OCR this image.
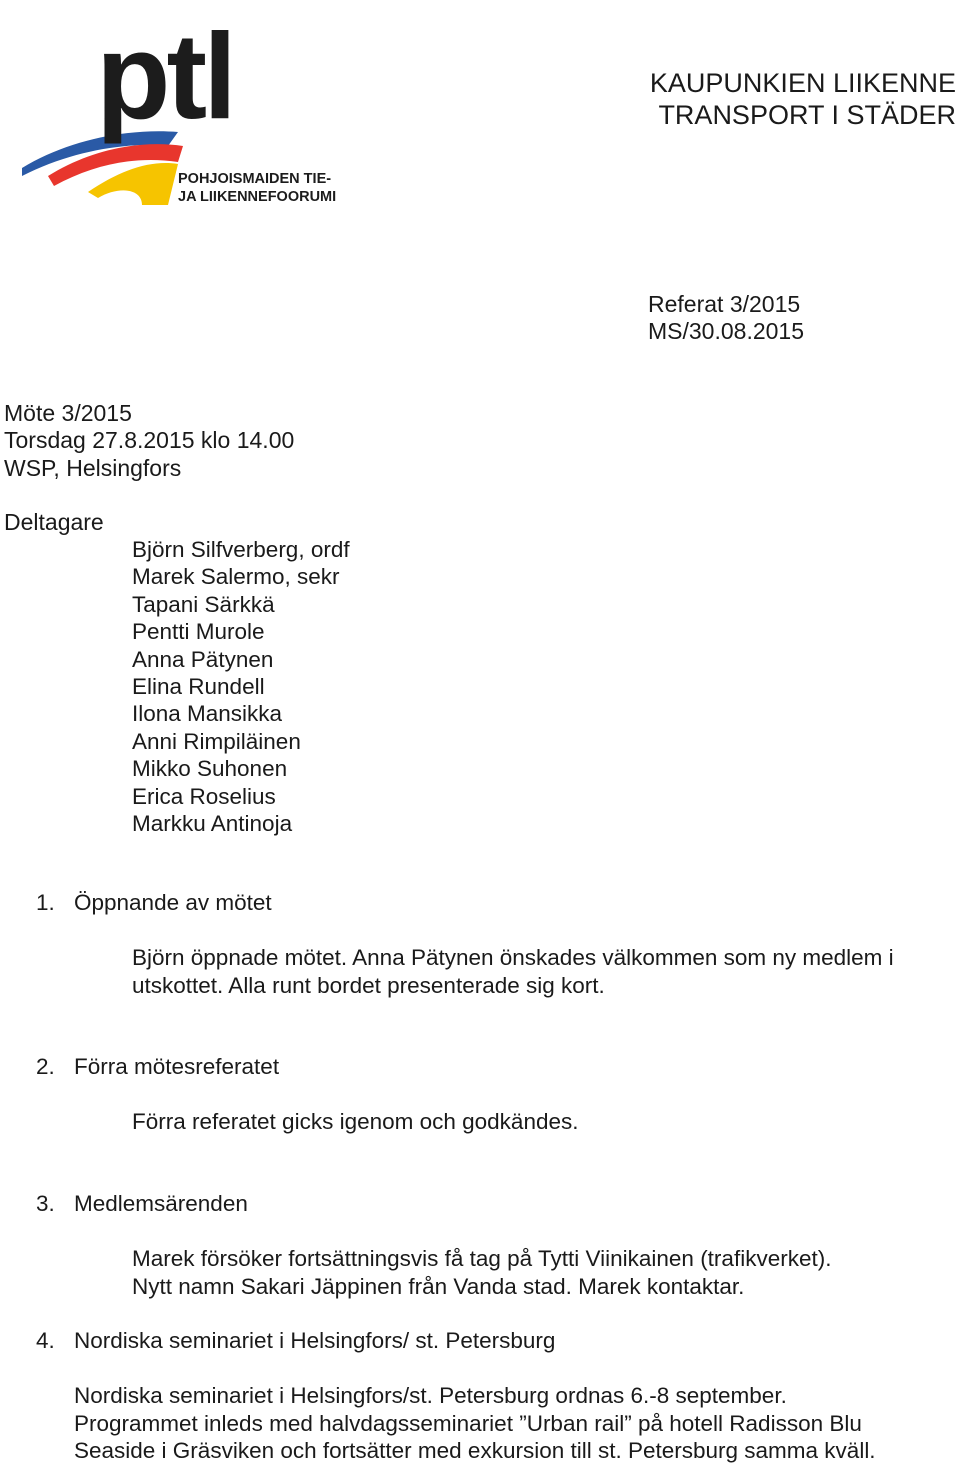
ptl
POHJOISMAIDEN TIE-
JA LIIKENNEFOORUMI
KAUPUNKIEN LIIKENNE
TRANSPORT I STÄDER
Referat 3/2015
MS/30.08.2015
Möte 3/2015
Torsdag 27.8.2015 klo 14.00
WSP, Helsingfors
Deltagare
Björn Silfverberg, ordf
Marek Salermo, sekr
Tapani Särkkä
Pentti Murole
Anna Pätynen
Elina Rundell
Ilona Mansikka
Anni Rimpiläinen
Mikko Suhonen
Erica Roselius
Markku Antinoja
1. Öppnande av mötet
Björn öppnade mötet. Anna Pätynen önskades välkommen som ny medlem i
utskottet. Alla runt bordet presenterade sig kort.
2. Förra mötesreferatet
Förra referatet gicks igenom och godkändes.
3. Medlemsärenden
Marek försöker fortsättningsvis få tag på Tytti Viinikainen (trafikverket).
Nytt namn Sakari Jäppinen från Vanda stad. Marek kontaktar.
4. Nordiska seminariet i Helsingfors/ st. Petersburg
Nordiska seminariet i Helsingfors/st. Petersburg ordnas 6.-8 september.
Programmet inleds med halvdagsseminariet ”Urban rail” på hotell Radisson Blu
Seaside i Gräsviken och fortsätter med exkursion till st. Petersburg samma kväll.
